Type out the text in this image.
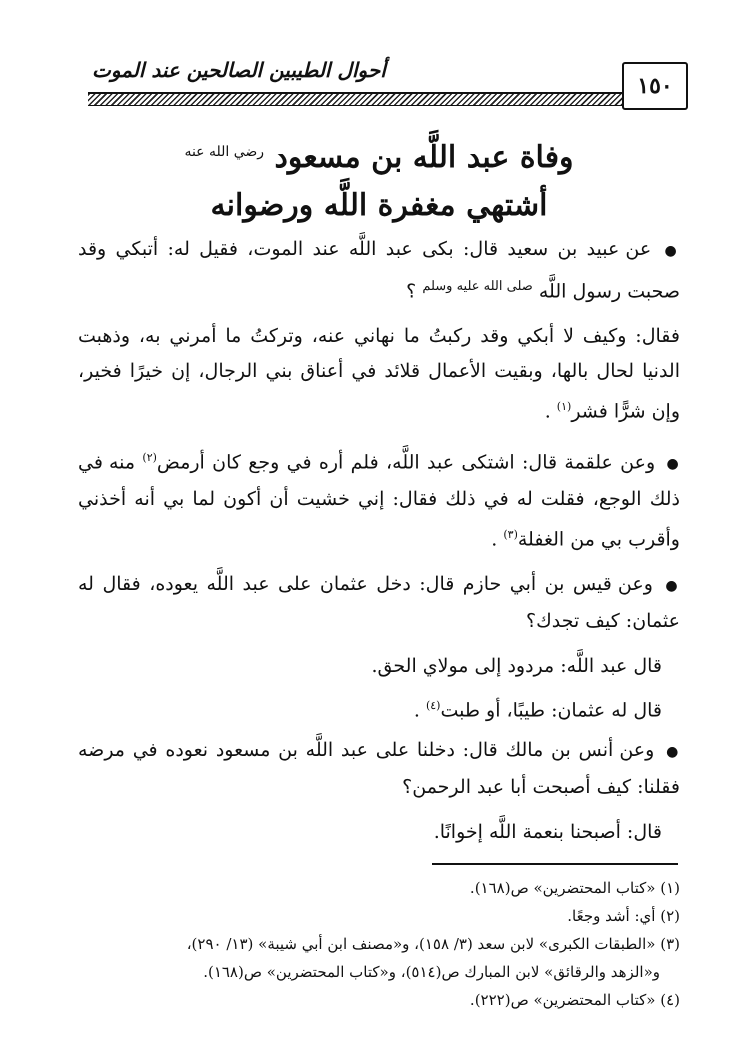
١٥٠
أحوال الطيبين الصالحين عند الموت
وفاة عبد اللَّه بن مسعود $^{رضي الله عنه}$
أشتهي مغفرة اللَّه ورضوانه

● عن عبيد بن سعيد قال: بكى عبد اللَّه عند الموت، فقيل له: أتبكي وقد صحبت رسول اللَّه $^{صلى الله عليه وسلم}$ ؟

فقال: وكيف لا أبكي وقد ركبتُ ما نهاني عنه، وتركتُ ما أمرني به، وذهبت الدنيا لحال بالها، وبقيت الأعمال قلائد في أعناق بني الرجال، إن خيرًا فخير، وإن شرًّا فشر$^{(١)}$ .

● وعن علقمة قال: اشتكى عبد اللَّه، فلم أره في وجع كان أرمض$^{(٢)}$ منه في ذلك الوجع، فقلت له في ذلك فقال: إني خشيت أن أكون لما بي أنه أخذني وأقرب بي من الغفلة$^{(٣)}$ .

● وعن قيس بن أبي حازم قال: دخل عثمان على عبد اللَّه يعوده، فقال له عثمان: كيف تجدك؟

قال عبد اللَّه: مردود إلى مولاي الحق.

قال له عثمان: طيبًا، أو طبت$^{(٤)}$ .

● وعن أنس بن مالك قال: دخلنا على عبد اللَّه بن مسعود نعوده في مرضه فقلنا: كيف أصبحت أبا عبد الرحمن؟

قال: أصبحنا بنعمة اللَّه إخوانًا.

(١) «كتاب المحتضرين» ص(١٦٨).

(٢) أي: أشد وجعًا.

(٣) «الطبقات الكبرى» لابن سعد (٣/ ١٥٨)، و«مصنف ابن أبي شيبة» (١٣/ ٢٩٠)،

و«الزهد والرقائق» لابن المبارك ص(٥١٤)، و«كتاب المحتضرين» ص(١٦٨).

(٤) «كتاب المحتضرين» ص(٢٢٢).
